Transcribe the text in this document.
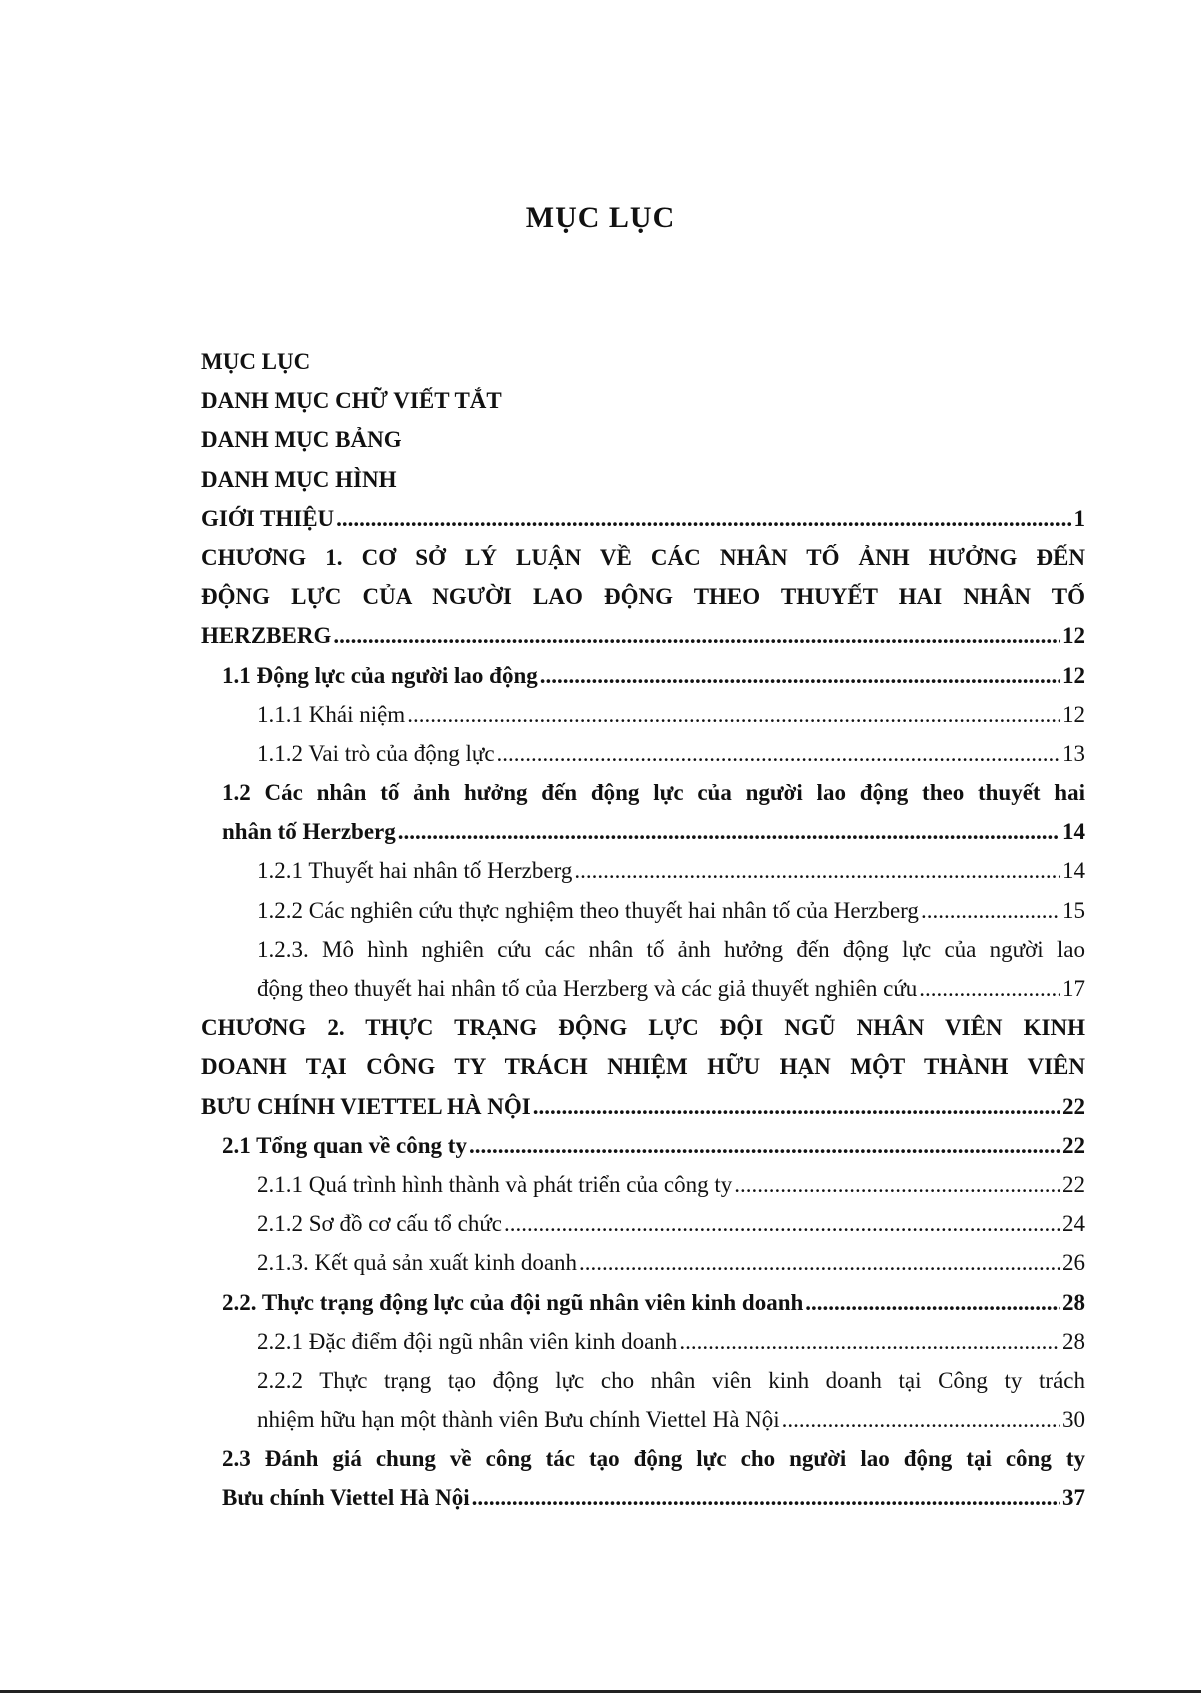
MỤC LỤC
MỤC LỤC
DANH MỤC CHỮ VIẾT TẮT
DANH MỤC BẢNG
DANH MỤC HÌNH
GIỚI THIỆU .....	1
CHƯƠNG 1. CƠ SỞ LÝ LUẬN VỀ CÁC NHÂN TỐ ẢNH HƯỞNG ĐẾN
ĐỘNG LỰC CỦA NGƯỜI LAO ĐỘNG THEO THUYẾT HAI NHÂN TỐ
HERZBERG .....	12
1.1 Động lực của người lao động .....	12
1.1.1 Khái niệm .....	12
1.1.2 Vai trò của động lực .....	13
1.2 Các nhân tố ảnh hưởng đến động lực của người lao động theo thuyết hai
nhân tố Herzberg .....	14
1.2.1 Thuyết hai nhân tố Herzberg .....	14
1.2.2 Các nghiên cứu thực nghiệm theo thuyết hai nhân tố của Herzberg .....	15
1.2.3. Mô hình nghiên cứu các nhân tố ảnh hưởng đến động lực của người lao
động theo thuyết hai nhân tố của Herzberg và các giả thuyết nghiên cứu .....	17
CHƯƠNG 2. THỰC TRẠNG ĐỘNG LỰC ĐỘI NGŨ NHÂN VIÊN KINH
DOANH TẠI CÔNG TY TRÁCH NHIỆM HỮU HẠN MỘT THÀNH VIÊN
BƯU CHÍNH VIETTEL HÀ NỘI .....	22
2.1 Tổng quan về công ty .....	22
2.1.1 Quá trình hình thành và phát triển của công ty .....	22
2.1.2 Sơ đồ cơ cấu tổ chức .....	24
2.1.3. Kết quả sản xuất kinh doanh .....	26
2.2. Thực trạng động lực của đội ngũ nhân viên kinh doanh .....	28
2.2.1 Đặc điểm đội ngũ nhân viên kinh doanh .....	28
2.2.2 Thực trạng tạo động lực cho nhân viên kinh doanh tại Công ty trách
nhiệm hữu hạn một thành viên Bưu chính Viettel Hà Nội .....	30
2.3 Đánh giá chung về công tác tạo động lực cho người lao động tại công ty
Bưu chính Viettel Hà Nội .....	37
